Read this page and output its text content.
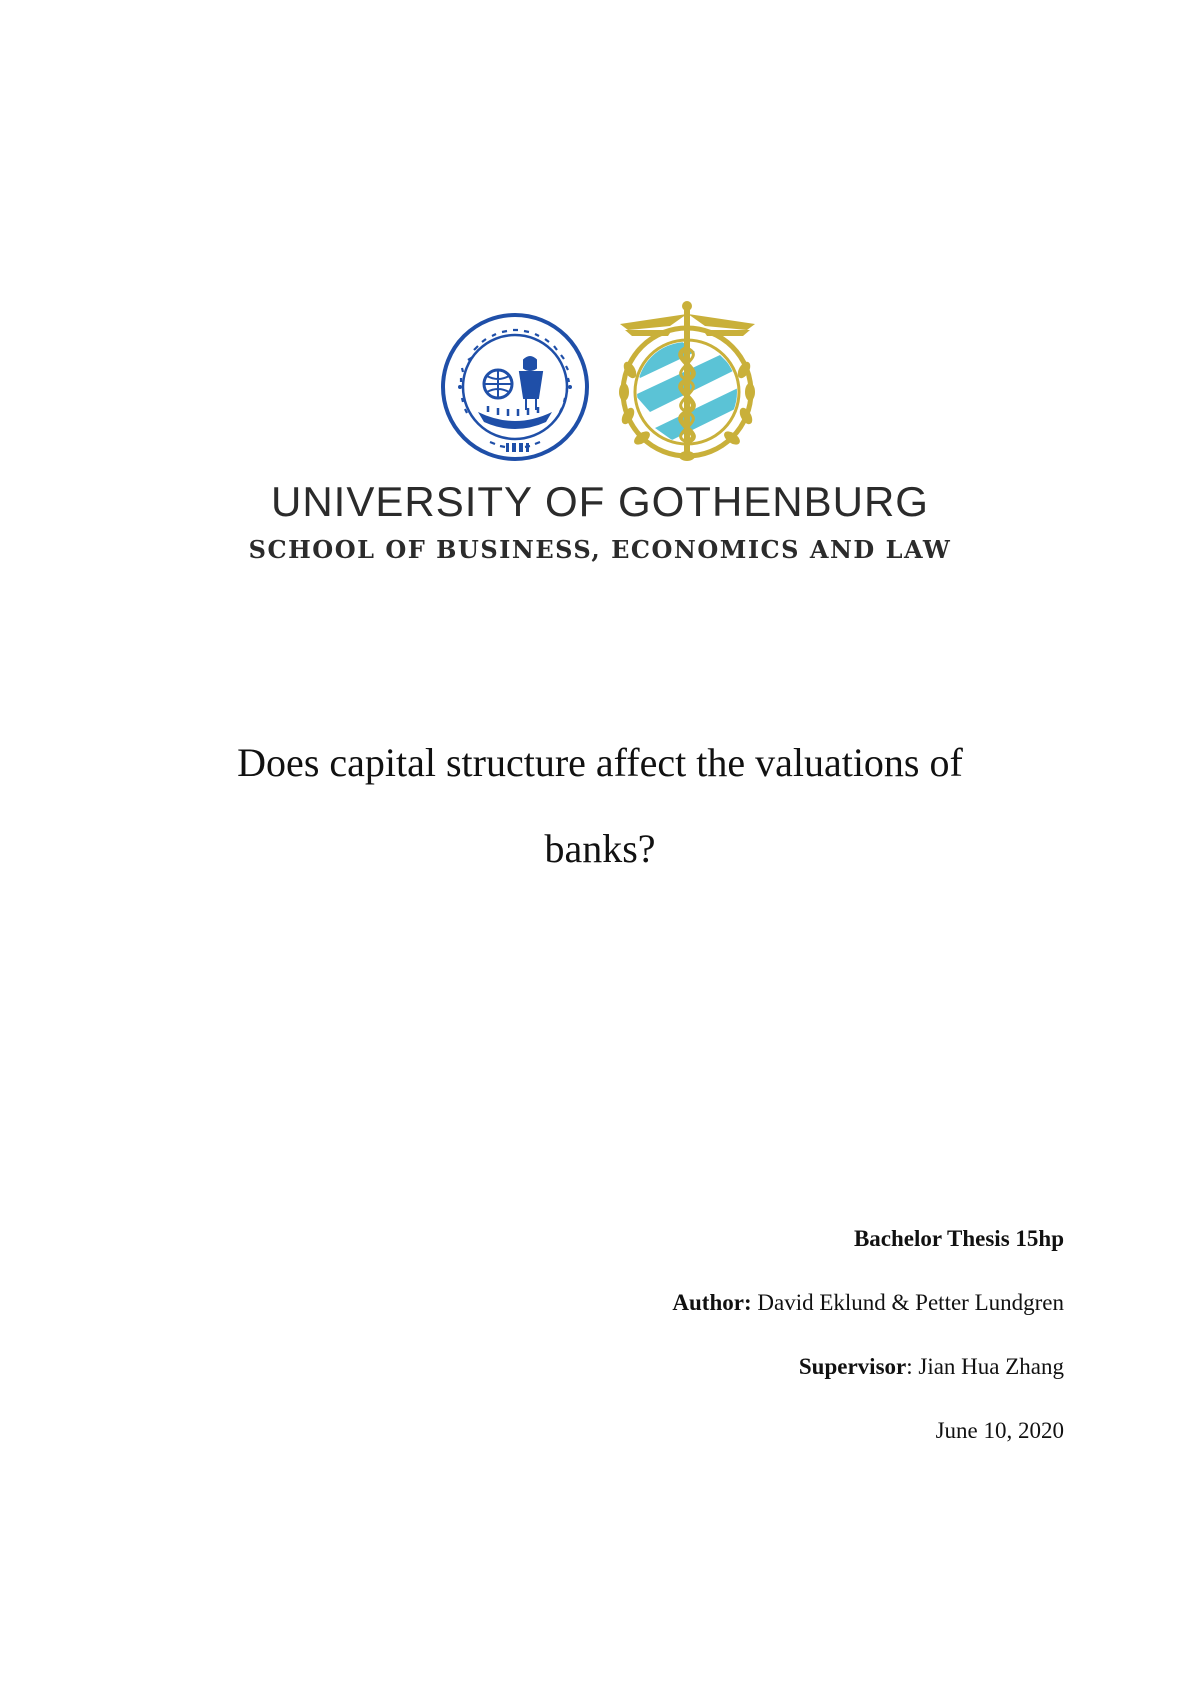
UNIVERSITY OF GOTHENBURG
SCHOOL OF BUSINESS, ECONOMICS AND LAW
Does capital structure affect the valuations of
banks?
Bachelor Thesis 15hp
Author: David Eklund & Petter Lundgren
Supervisor: Jian Hua Zhang
June 10, 2020
